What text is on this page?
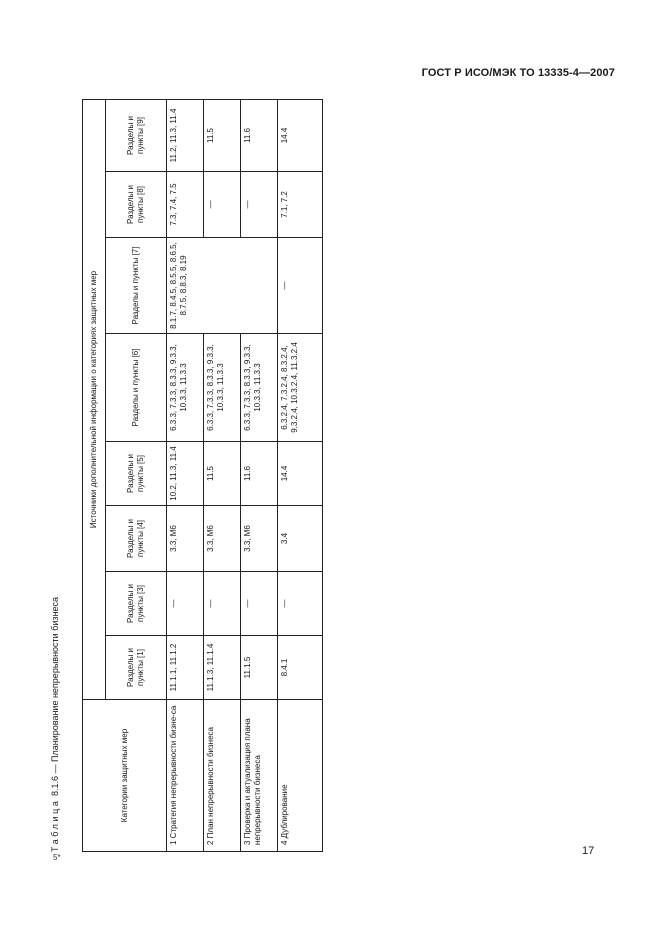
ГОСТ Р ИСО/МЭК ТО 13335-4—2007
Таблица 8.1.6 — Планирование непрерывности бизнеса	Категории защитных мер	Источники дополнительной информации о категориях защитных мер							
	Разделы и пункты [1]	Разделы и пункты [3]	Разделы и пункты [4]	Разделы и пункты [5]	Разделы и пункты [6]	Разделы и пункты [7]	Разделы и пункты [8]	Разделы и пункты [9]
1 Стратегия непрерывности бизне-са	11.1.1, 11.1.2	—	3.3, М6	10.2, 11.3, 11.4	6.3.3, 7.3.3, 8.3.3, 9.3.3, 10.3.3, 11.3.3	8.1.7, 8.4.5, 8.5.5, 8.6.5, 8.7.5, 8.8.3, 8.19	7.3, 7.4, 7.5	11.2, 11.3, 11.4
2 План непрерывности бизнеса	11.1.3, 11.1.4	—	3.3, М6	11.5	6.3.3, 7.3.3, 8.3.3, 9.3.3, 10.3.3, 11.3.3		—	11.5
3 Проверка и актуализация плана непрерывности бизнеса	11.1.5	—	3.3, М6	11.6	6.3.3, 7.3.3, 8.3.3, 9.3.3, 10.3.3, 11.3.3		—	11.6
4 Дублирование	8.4.1	—	3.4	14.4	6.3.2.4, 7.3.2.4, 8.3.2.4, 9.3.2.4, 10.3.2.4, 11.3.2.4	—	7.1, 7.2	14.4
5*
17
